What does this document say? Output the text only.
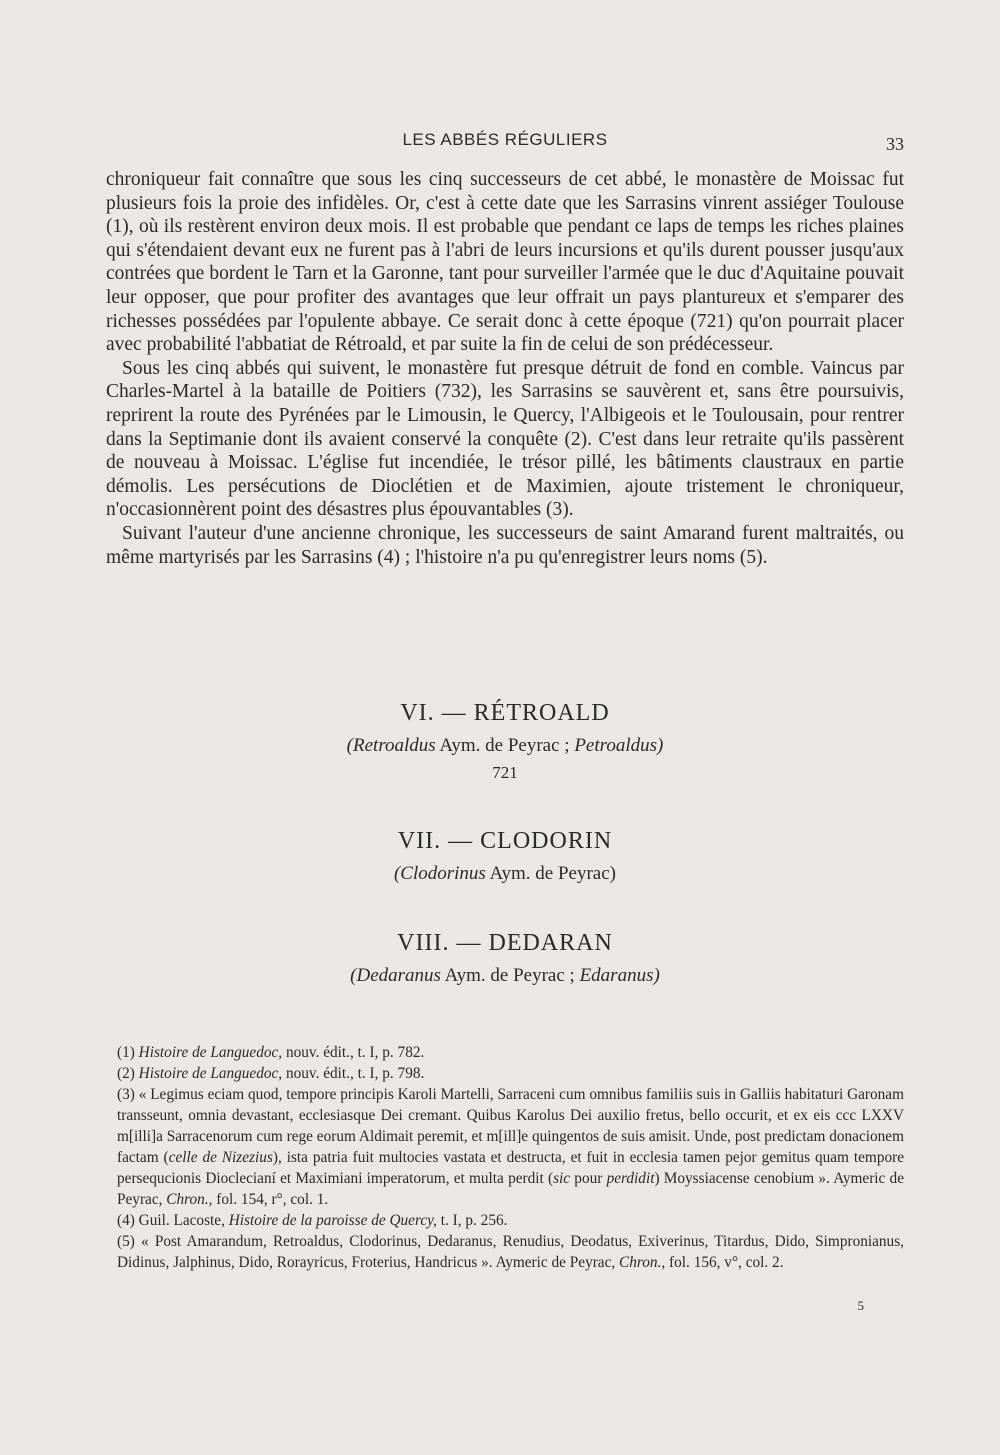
LES ABBÉS RÉGULIERS	33

chroniqueur fait connaître que sous les cinq successeurs de cet abbé, le monastère de Moissac fut plusieurs fois la proie des infidèles. Or, c'est à cette date que les Sarrasins vinrent assiéger Toulouse (1), où ils restèrent environ deux mois. Il est probable que pendant ce laps de temps les riches plaines qui s'étendaient devant eux ne furent pas à l'abri de leurs incursions et qu'ils durent pousser jusqu'aux contrées que bordent le Tarn et la Garonne, tant pour surveiller l'armée que le duc d'Aquitaine pouvait leur opposer, que pour profiter des avantages que leur offrait un pays plantureux et s'emparer des richesses possédées par l'opulente abbaye. Ce serait donc à cette époque (721) qu'on pourrait placer avec probabilité l'abbatiat de Rétroald, et par suite la fin de celui de son prédécesseur.

Sous les cinq abbés qui suivent, le monastère fut presque détruit de fond en comble. Vaincus par Charles-Martel à la bataille de Poitiers (732), les Sarrasins se sauvèrent et, sans être poursuivis, reprirent la route des Pyrénées par le Limousin, le Quercy, l'Albigeois et le Toulousain, pour rentrer dans la Septimanie dont ils avaient conservé la conquête (2). C'est dans leur retraite qu'ils passèrent de nouveau à Moissac. L'église fut incendiée, le trésor pillé, les bâtiments claustraux en partie démolis. Les persécutions de Dioclétien et de Maximien, ajoute tristement le chroniqueur, n'occasionnèrent point des désastres plus épouvantables (3).

Suivant l'auteur d'une ancienne chronique, les successeurs de saint Amarand furent maltraités, ou même martyrisés par les Sarrasins (4) ; l'histoire n'a pu qu'enregistrer leurs noms (5).

VI. — RÉTROALD
(Retroaldus Aym. de Peyrac ; Petroaldus)
721
VII. — CLODORIN
(Clodorinus Aym. de Peyrac)
VIII. — DEDARAN
(Dedaranus Aym. de Peyrac ; Edaranus)

(1) Histoire de Languedoc, nouv. édit., t. I, p. 782.

(2) Histoire de Languedoc, nouv. édit., t. I, p. 798.

(3) « Legimus eciam quod, tempore principis Karoli Martelli, Sarraceni cum omnibus familiis suis in Galliis habitaturi Garonam transseunt, omnia devastant, ecclesiasque Dei cremant. Quibus Karolus Dei auxilio fretus, bello occurit, et ex eis ccc LXXV m[illi]a Sarracenorum cum rege eorum Aldimait peremit, et m[ill]e quingentos de suis amisit. Unde, post predictam donacionem factam (celle de Nizezius), ista patria fuit multocies vastata et destructa, et fuit in ecclesia tamen pejor gemitus quam tempore persequcionis Dioclecianí et Maximiani imperatorum, et multa perdit (sic pour perdidit) Moyssiacense cenobium ». Aymeric de Peyrac, Chron., fol. 154, r°, col. 1.

(4) Guil. Lacoste, Histoire de la paroisse de Quercy, t. I, p. 256.

(5) « Post Amarandum, Retroaldus, Clodorinus, Dedaranus, Renudius, Deodatus, Exiverinus, Titardus, Dido, Simpronianus, Didinus, Jalphinus, Dido, Rorayricus, Froterius, Handricus ». Aymeric de Peyrac, Chron., fol. 156, v°, col. 2.

5
